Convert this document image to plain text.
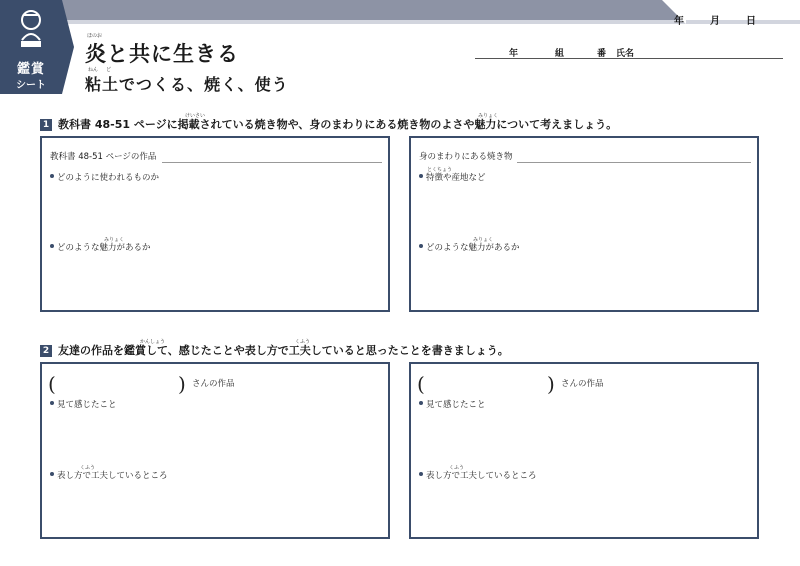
鑑賞
シート
年	月	日
ほのお
炎と共に生きる
ねん ど
粘土でつくる、焼く、使う
年	組	番 氏名
けいさい	みりょく
1 教科書 48-51 ページに掲載されている焼き物や、身のまわりにある焼き物のよさや魅力について考えましょう。
教科書 48-51 ページの作品
どのように使われるものか
みりょく
どのような魅力があるか
身のまわりにある焼き物
とくちょう
特徴や産地など
みりょく
どのような魅力があるか
かんしょう	くふう
2 友達の作品を鑑賞して、感じたことや表し方で工夫していると思ったことを書きましょう。
(	) さんの作品
見て感じたこと
くふう
表し方で工夫しているところ
(	) さんの作品
見て感じたこと
くふう
表し方で工夫しているところ
